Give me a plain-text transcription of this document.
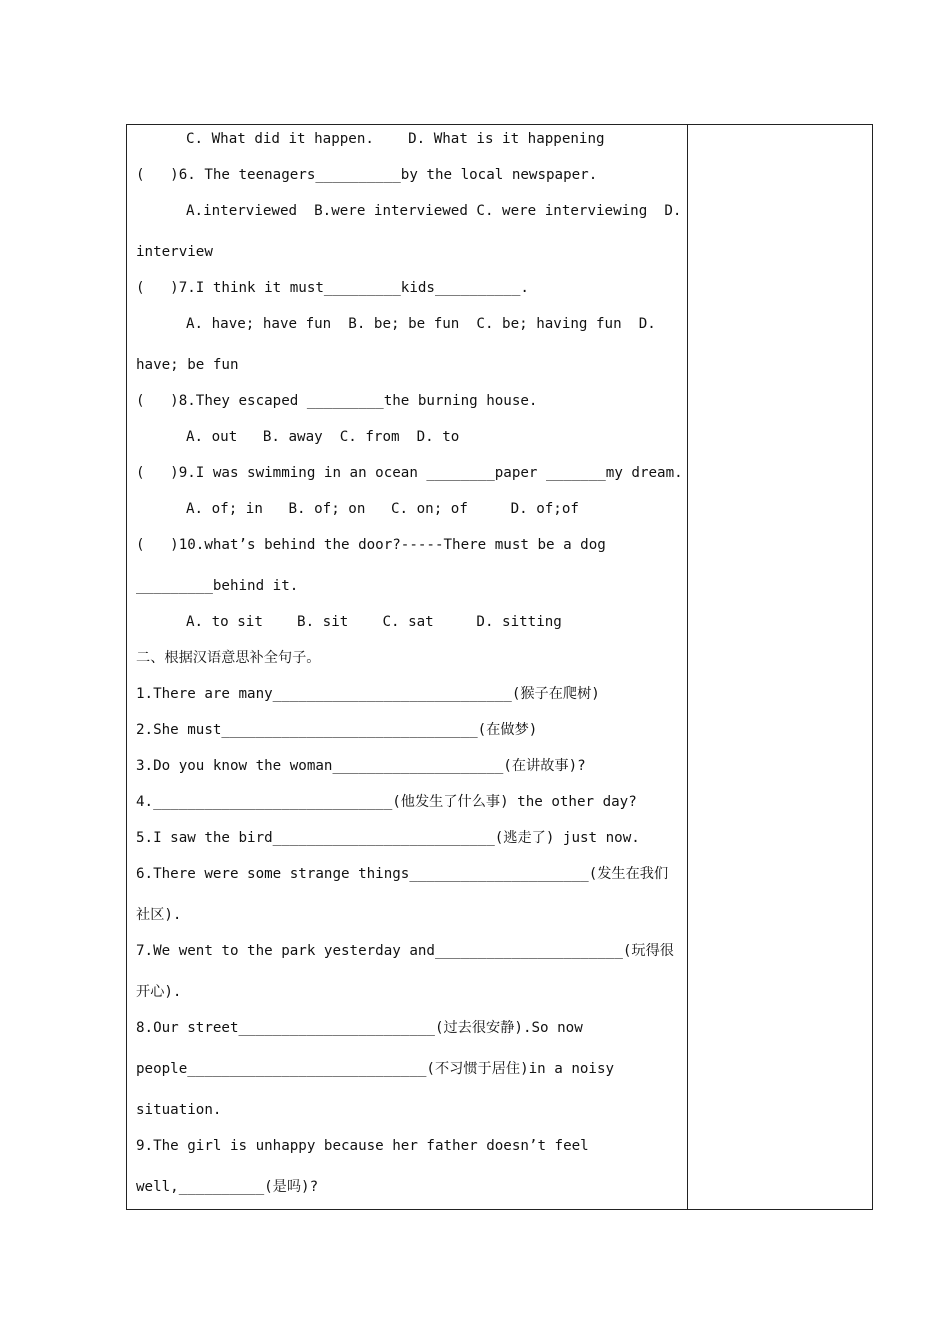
C. What did it happen.    D. What is it happening
(   )6. The teenagers__________by the local newspaper.
A.interviewed  B.were interviewed C. were interviewing  D.
interview
(   )7.I think it must_________kids__________.
A. have; have fun  B. be; be fun  C. be; having fun  D.
have; be fun
(   )8.They escaped _________the burning house.
A. out   B. away  C. from  D. to
(   )9.I was swimming in an ocean ________paper _______my dream.
A. of; in   B. of; on   C. on; of     D. of;of
(   )10.what’s behind the door?-----There must be a dog
_________behind it.
A. to sit    B. sit    C. sat     D. sitting
二、根据汉语意思补全句子。
1.There are many____________________________(猴子在爬树)
2.She must______________________________(在做梦)
3.Do you know the woman____________________(在讲故事)?
4.____________________________(他发生了什么事) the other day?
5.I saw the bird__________________________(逃走了) just now.
6.There were some strange things_____________________(发生在我们
社区).
7.We went to the park yesterday and______________________(玩得很
开心).
8.Our street_______________________(过去很安静).So now
people____________________________(不习惯于居住)in a noisy
situation.
9.The girl is unhappy because her father doesn’t feel
well,__________(是吗)?
